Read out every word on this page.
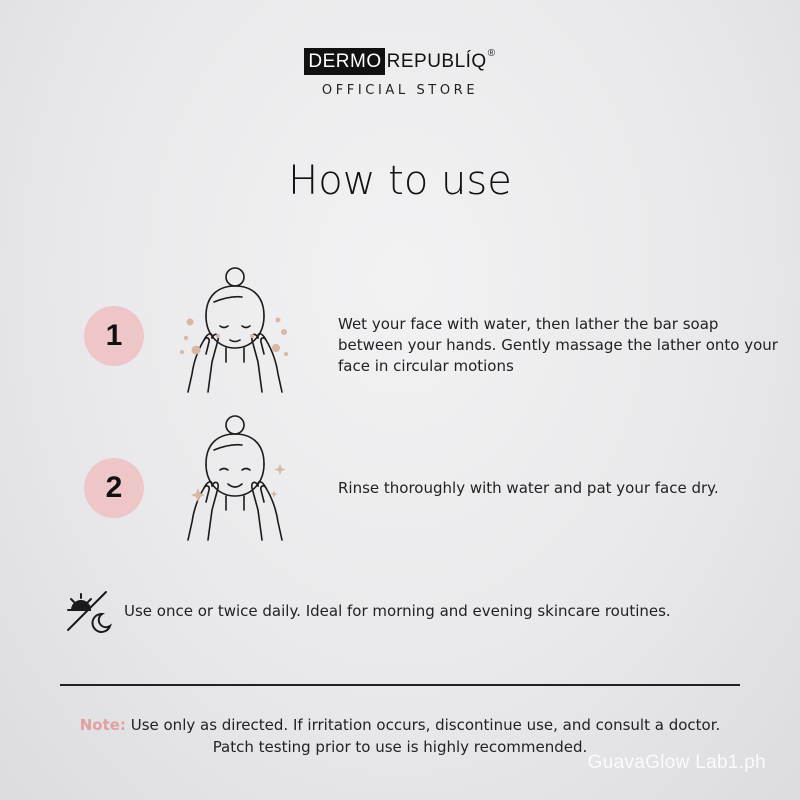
DERMO REPUBLÍQ®
OFFICIAL STORE
How to use
1	Wet your face with water, then lather the bar soap between your hands. Gently massage the lather onto your face in circular motions
2	Rinse thoroughly with water and pat your face dry.
Use once or twice daily. Ideal for morning and evening skincare routines.
Note: Use only as directed. If irritation occurs, discontinue use, and consult a doctor.
Patch testing prior to use is highly recommended.
GuavaGlow Lab1.ph
